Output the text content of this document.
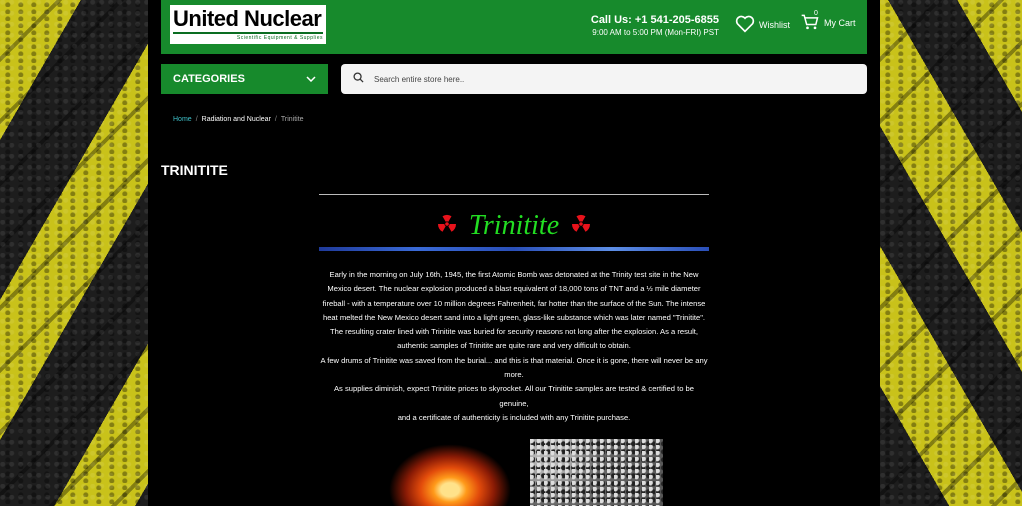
United Nuclear
Scientific Equipment & Supplies
Call Us: +1 541-205-6855
9:00 AM to 5:00 PM (Mon-FRI) PST
Wishlist
0
My Cart
CATEGORIES
Search entire store here..
Home / Radiation and Nuclear / Trinitite
TRINITITE
Trinitite

Early in the morning on July 16th, 1945, the first Atomic Bomb was detonated at the Trinity test site in the New Mexico desert. The nuclear explosion produced a blast equivalent of 18,000 tons of TNT and a ½ mile diameter fireball - with a temperature over 10 million degrees Fahrenheit, far hotter than the surface of the Sun. The intense heat melted the New Mexico desert sand into a light green, glass-like substance which was later named "Trinitite". The resulting crater lined with Trinitite was buried for security reasons not long after the explosion. As a result, authentic samples of Trinitite are quite rare and very difficult to obtain.

A few drums of Trinitite was saved from the burial... and this is that material. Once it is gone, there will never be any more.

As supplies diminish, expect Trinitite prices to skyrocket. All our Trinitite samples are tested & certified to be genuine,

and a certificate of authenticity is included with any Trinitite purchase.
